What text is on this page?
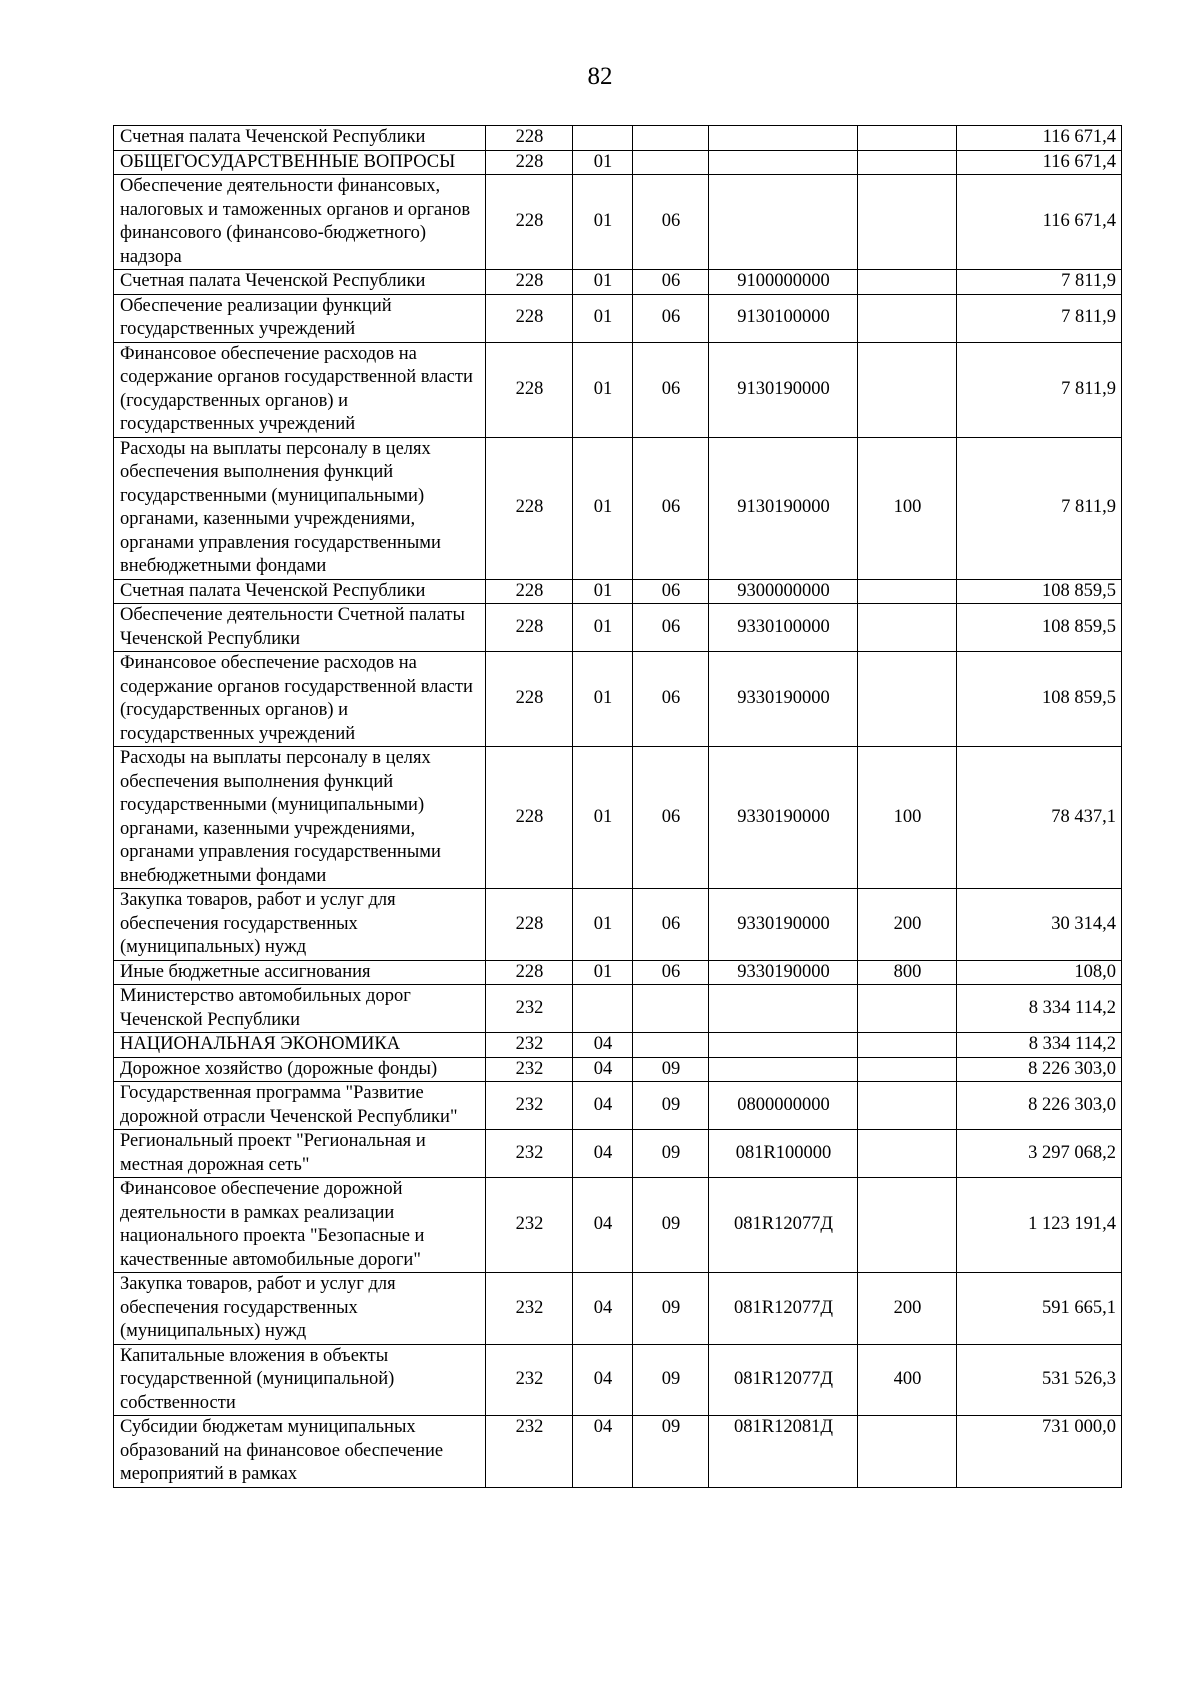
82
Счетная палата Чеченской Республики	228					116 671,4
ОБЩЕГОСУДАРСТВЕННЫЕ ВОПРОСЫ	228	01				116 671,4
Обеспечение деятельности финансовых, налоговых и таможенных органов и органов финансового (финансово-бюджетного) надзора	228	01	06			116 671,4
Счетная палата Чеченской Республики	228	01	06	9100000000		7 811,9
Обеспечение реализации функций государственных учреждений	228	01	06	9130100000		7 811,9
Финансовое обеспечение расходов на содержание органов государственной власти (государственных органов) и государственных учреждений	228	01	06	9130190000		7 811,9
Расходы на выплаты персоналу в целях обеспечения выполнения функций государственными (муниципальными) органами, казенными учреждениями, органами управления государственными внебюджетными фондами	228	01	06	9130190000	100	7 811,9
Счетная палата Чеченской Республики	228	01	06	9300000000		108 859,5
Обеспечение деятельности Счетной палаты Чеченской Республики	228	01	06	9330100000		108 859,5
Финансовое обеспечение расходов на содержание органов государственной власти (государственных органов) и государственных учреждений	228	01	06	9330190000		108 859,5
Расходы на выплаты персоналу в целях обеспечения выполнения функций государственными (муниципальными) органами, казенными учреждениями, органами управления государственными внебюджетными фондами	228	01	06	9330190000	100	78 437,1
Закупка товаров, работ и услуг для обеспечения государственных (муниципальных) нужд	228	01	06	9330190000	200	30 314,4
Иные бюджетные ассигнования	228	01	06	9330190000	800	108,0
Министерство автомобильных дорог Чеченской Республики	232					8 334 114,2
НАЦИОНАЛЬНАЯ ЭКОНОМИКА	232	04				8 334 114,2
Дорожное хозяйство (дорожные фонды)	232	04	09			8 226 303,0
Государственная программа "Развитие дорожной отрасли Чеченской Республики"	232	04	09	0800000000		8 226 303,0
Региональный проект "Региональная и местная дорожная сеть"	232	04	09	081R100000		3 297 068,2
Финансовое обеспечение дорожной деятельности в рамках реализации национального проекта "Безопасные и качественные автомобильные дороги"	232	04	09	081R12077Д		1 123 191,4
Закупка товаров, работ и услуг для обеспечения государственных (муниципальных) нужд	232	04	09	081R12077Д	200	591 665,1
Капитальные вложения в объекты государственной (муниципальной) собственности	232	04	09	081R12077Д	400	531 526,3
Субсидии бюджетам муниципальных образований на финансовое обеспечение мероприятий в рамках	232	04	09	081R12081Д		731 000,0
